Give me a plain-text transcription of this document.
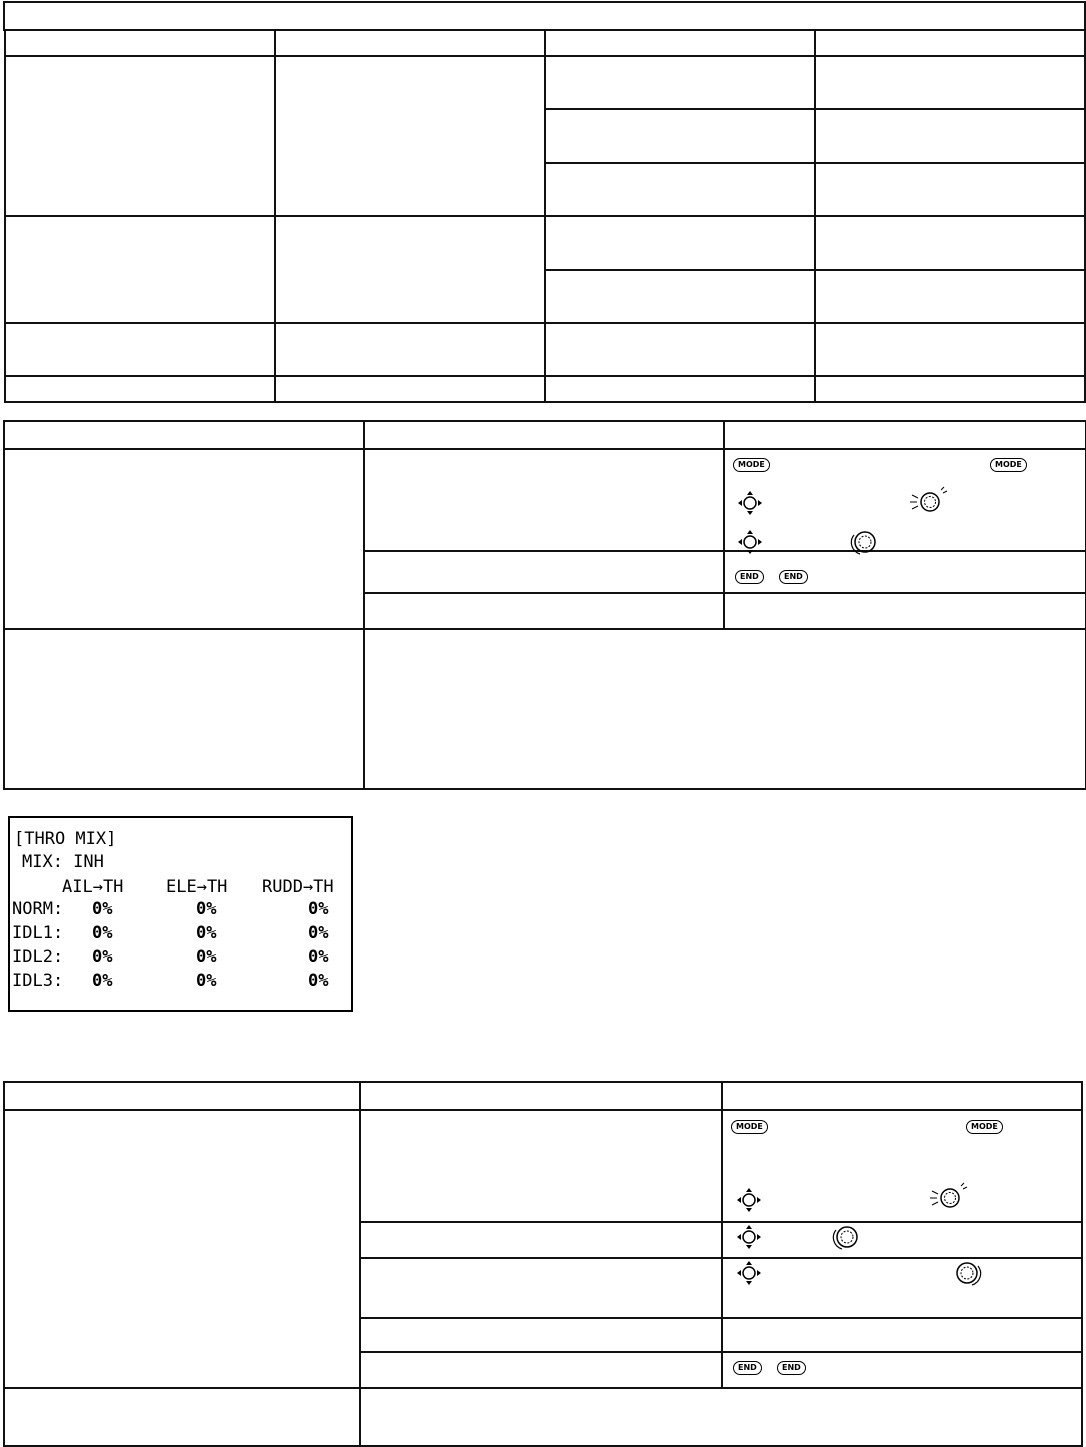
MODE	MODE
END	END
[THRO MIX]
MIX: INH
AIL→TH	ELE→TH RUDD→TH
NORM: 0%	0%	0%
IDL1: 0%	0%	0%
IDL2: 0%	0%	0%
IDL3: 0%	0%	0%

MODE	MODE
END	END
